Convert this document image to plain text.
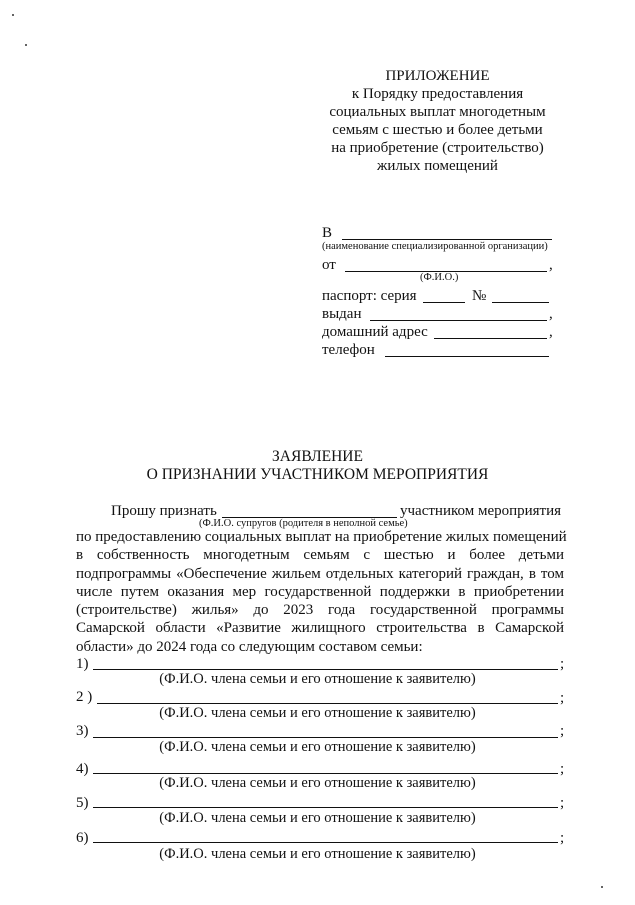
ПРИЛОЖЕНИЕ
к Порядку предоставления
социальных выплат многодетным
семьям с шестью и более детьми
на приобретение (строительство)
жилых помещений
В
(наименование специализированной организации)
от	,
(Ф.И.О.)
паспорт: серия	№
выдан	,
домашний адрес	,
телефон
ЗАЯВЛЕНИЕ
О ПРИЗНАНИИ УЧАСТНИКОМ МЕРОПРИЯТИЯ
Прошу признать	участником мероприятия
(Ф.И.О. супругов (родителя в неполной семье)
по предоставлению социальных выплат на приобретение жилых помещений
в собственность многодетным семьям с шестью и более детьми
подпрограммы «Обеспечение жильем отдельных категорий граждан, в том
числе путем оказания мер государственной поддержки в приобретении
(строительстве) жилья» до 2023 года государственной программы
Самарской области «Развитие жилищного строительства в Самарской
области» до 2024 года со следующим составом семьи:
1)	;
(Ф.И.О. члена семьи и его отношение к заявителю)
2 )	;
(Ф.И.О. члена семьи и его отношение к заявителю)
3)	;
(Ф.И.О. члена семьи и его отношение к заявителю)
4)	;
(Ф.И.О. члена семьи и его отношение к заявителю)
5)	;
(Ф.И.О. члена семьи и его отношение к заявителю)
6)	;
(Ф.И.О. члена семьи и его отношение к заявителю)
